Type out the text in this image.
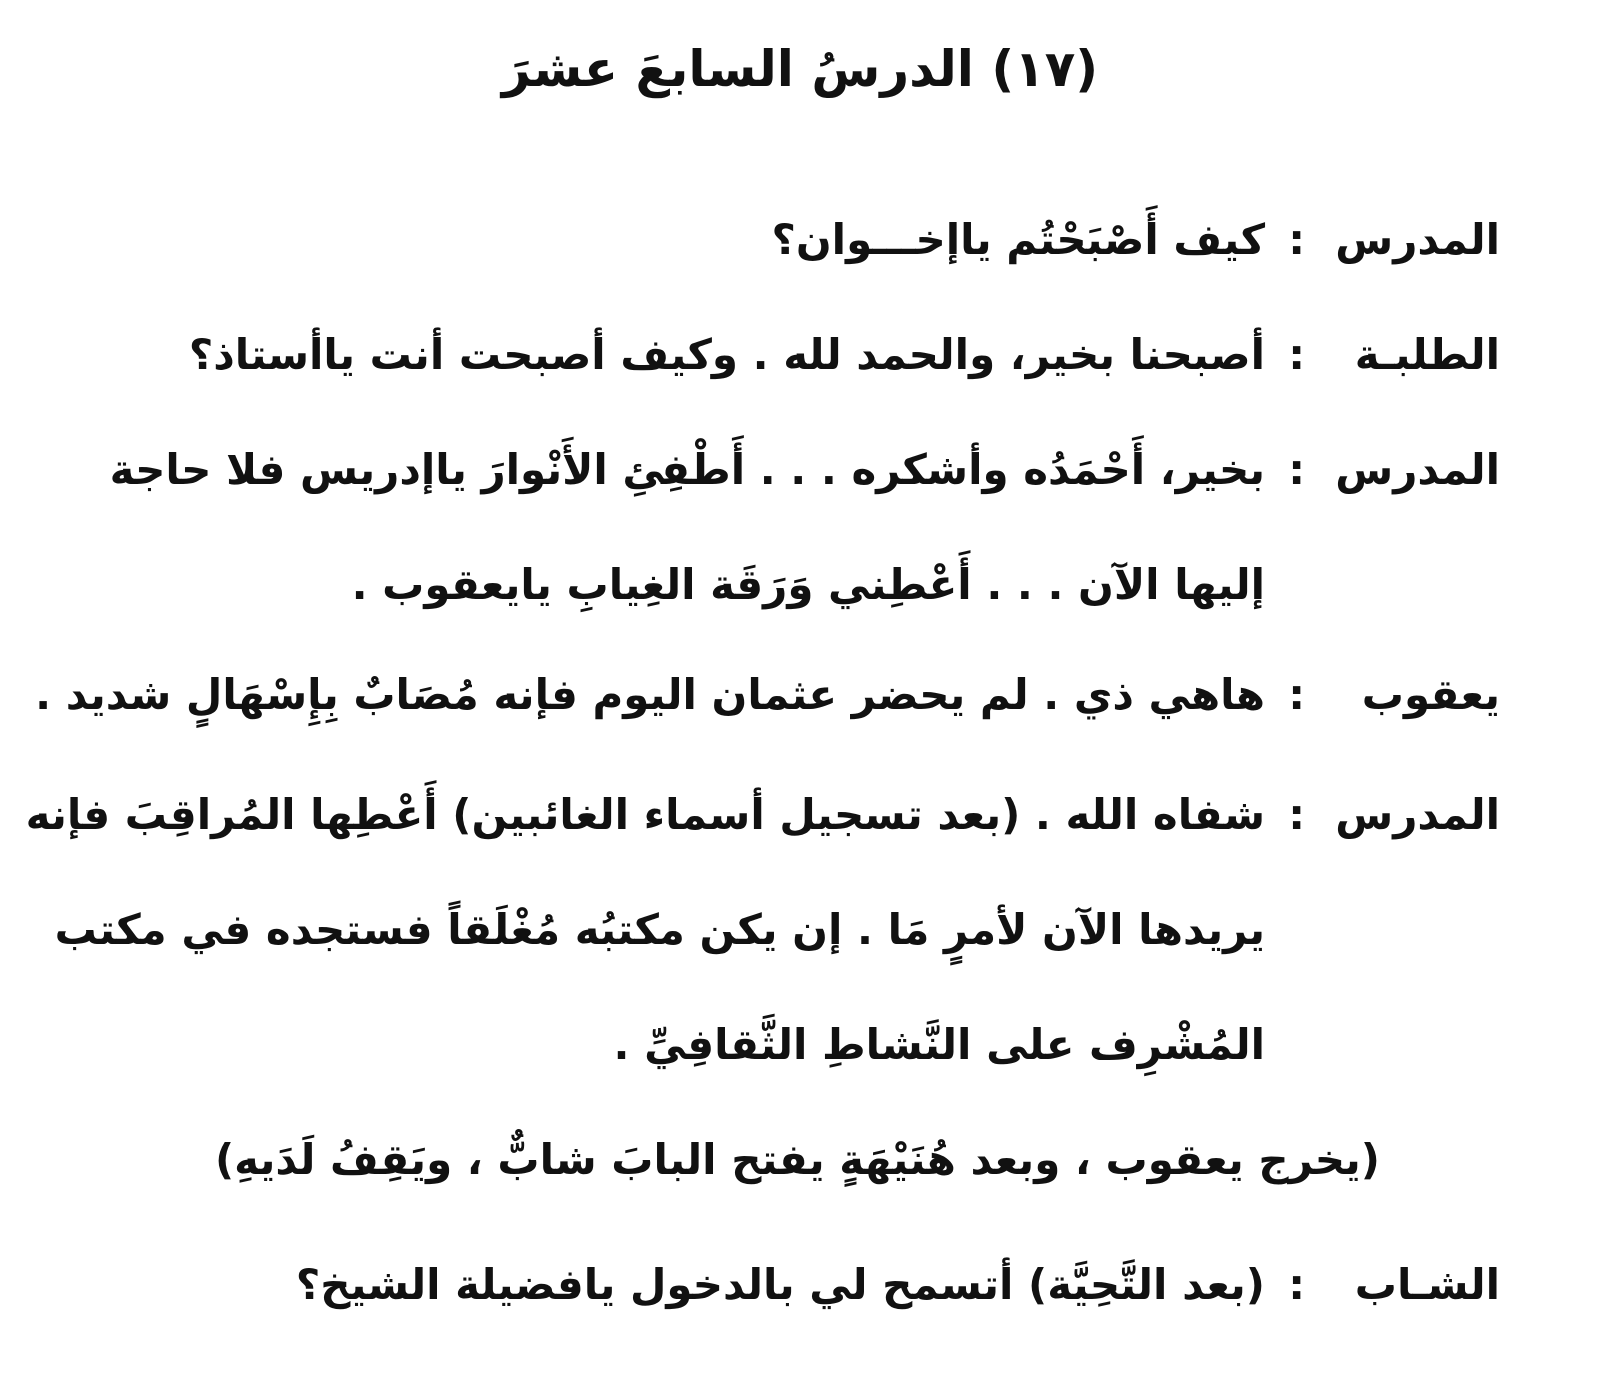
(١٧) الدرسُ السابعَ عشرَ
المدرس
:
كيف أَصْبَحْتُم ياإخـــوان؟
الطلبـة
:
أصبحنا بخير، والحمد لله . وكيف أصبحت أنت ياأستاذ؟
المدرس
:
بخير، أَحْمَدُه وأشكره . . . أَطْفِئِ الأَنْوارَ ياإدريس فلا حاجة
إليها الآن . . . أَعْطِني وَرَقَة الغِيابِ يايعقوب .
يعقوب
:
هاهي ذي . لم يحضر عثمان اليوم فإنه مُصَابٌ بِإِسْهَالٍ شديد .
المدرس
:
شفاه الله . (بعد تسجيل أسماء الغائبين) أَعْطِها المُراقِبَ فإنه
يريدها الآن لأمرٍ مَا . إن يكن مكتبُه مُغْلَقاً فستجده في مكتب
المُشْرِف على النَّشاطِ الثَّقافِيِّ .
(يخرج يعقوب ، وبعد هُنَيْهَةٍ يفتح البابَ شابٌّ ، ويَقِفُ لَدَيهِ)
الشـاب
:
(بعد التَّحِيَّة) أتسمح لي بالدخول يافضيلة الشيخ؟
